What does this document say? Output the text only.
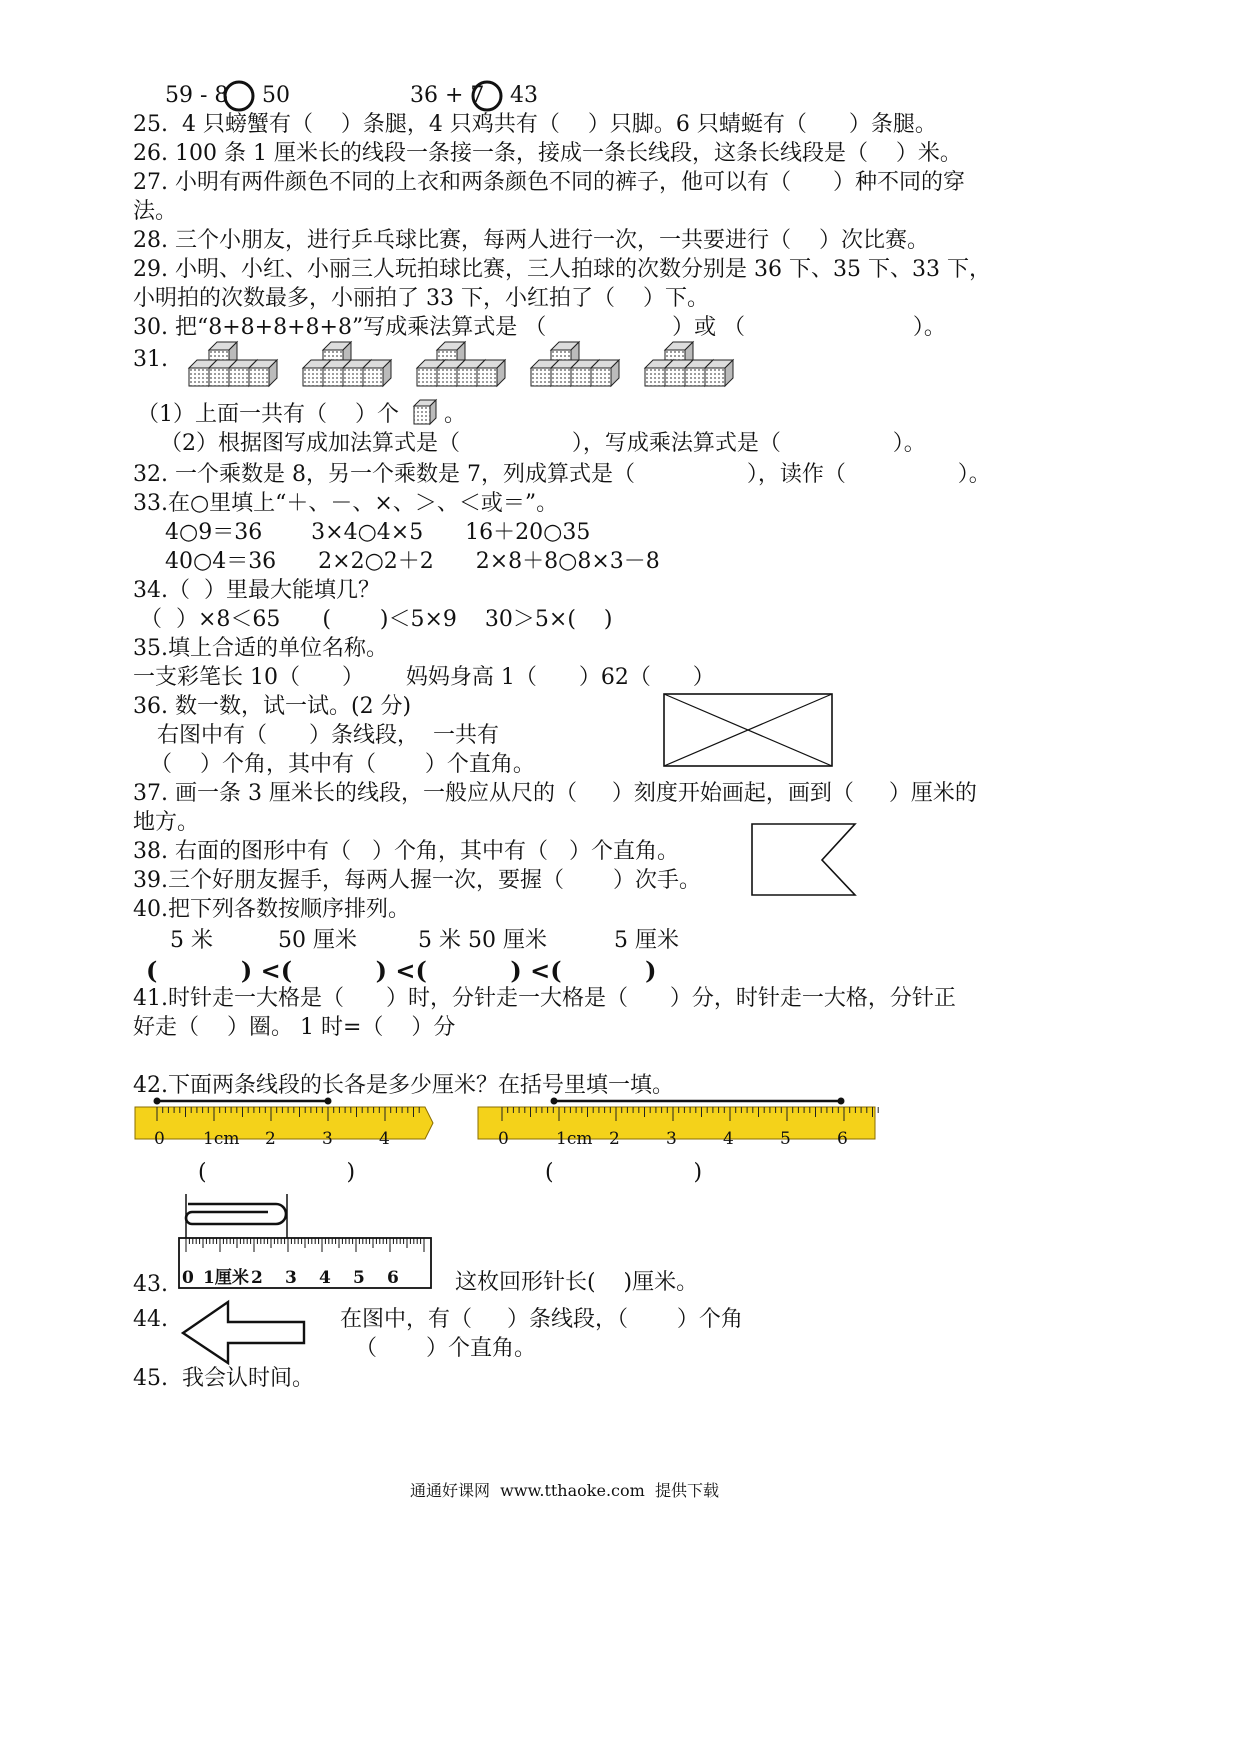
59 - 8 50	36 + 7 43
25.  4 只螃蟹有（    ）条腿，4 只鸡共有（    ）只脚。6 只蜻蜓有（      ）条腿。
26. 100 条 1 厘米长的线段一条接一条，接成一条长线段，这条长线段是（    ）米。
27. 小明有两件颜色不同的上衣和两条颜色不同的裤子，他可以有（      ）种不同的穿
法。
28. 三个小朋友，进行乒乓球比赛，每两人进行一次，一共要进行（    ）次比赛。
29. 小明、小红、小丽三人玩拍球比赛，三人拍球的次数分别是 36 下、35 下、33 下，
小明拍的次数最多，小丽拍了 33 下，小红拍了（    ）下。
30. 把“8+8+8+8+8”写成乘法算式是 （                  ）或 （                        ）。
31.
（1）上面一共有（    ）个 。
（2）根据图写成加法算式是（                ），写成乘法算式是（                ）。
32. 一个乘数是 8，另一个乘数是 7，列成算式是（                ），读作（                ）。
33.在○里填上“＋、－、×、＞、＜或＝”。
4○9＝36       3×4○4×5      16＋20○35
40○4＝36      2×2○2＋2      2×8＋8○8×3－8
34.（  ）里最大能填几？
（  ）×8＜65      (       )＜5×9    30＞5×(    )
35.填上合适的单位名称。
一支彩笔长 10（      ）      妈妈身高 1（      ）62（      ）
36. 数一数，试一试。(2 分)
右图中有（      ）条线段，  一共有
（    ）个角，其中有（       ）个直角。
37. 画一条 3 厘米长的线段，一般应从尺的（     ）刻度开始画起，画到（     ）厘米的
地方。
38. 右面的图形中有（   ）个角，其中有（   ）个直角。
39.三个好朋友握手，每两人握一次，要握（       ）次手。
40.把下列各数按顺序排列。
5 米	50 厘米	5 米 50 厘米	5 厘米
(          ) <(          ) <(          ) <(          )
41.时针走一大格是（      ）时，分针走一大格是（      ）分，时针走一大格，分针正
好走（    ）圈。 1 时=（    ）分
42.下面两条线段的长各是多少厘米？在括号里填一填。
0 1cm 2	3	4	0	1cm 2	3	4	5	6
(                    )	(                    )
0 1厘米 2 3 4 5 6
43.	这枚回形针长(    )厘米。
44.	在图中，有（     ）条线段，（       ）个角
（       ）个直角。
45.  我会认时间。
通通好课网  www.tthaoke.com  提供下载
